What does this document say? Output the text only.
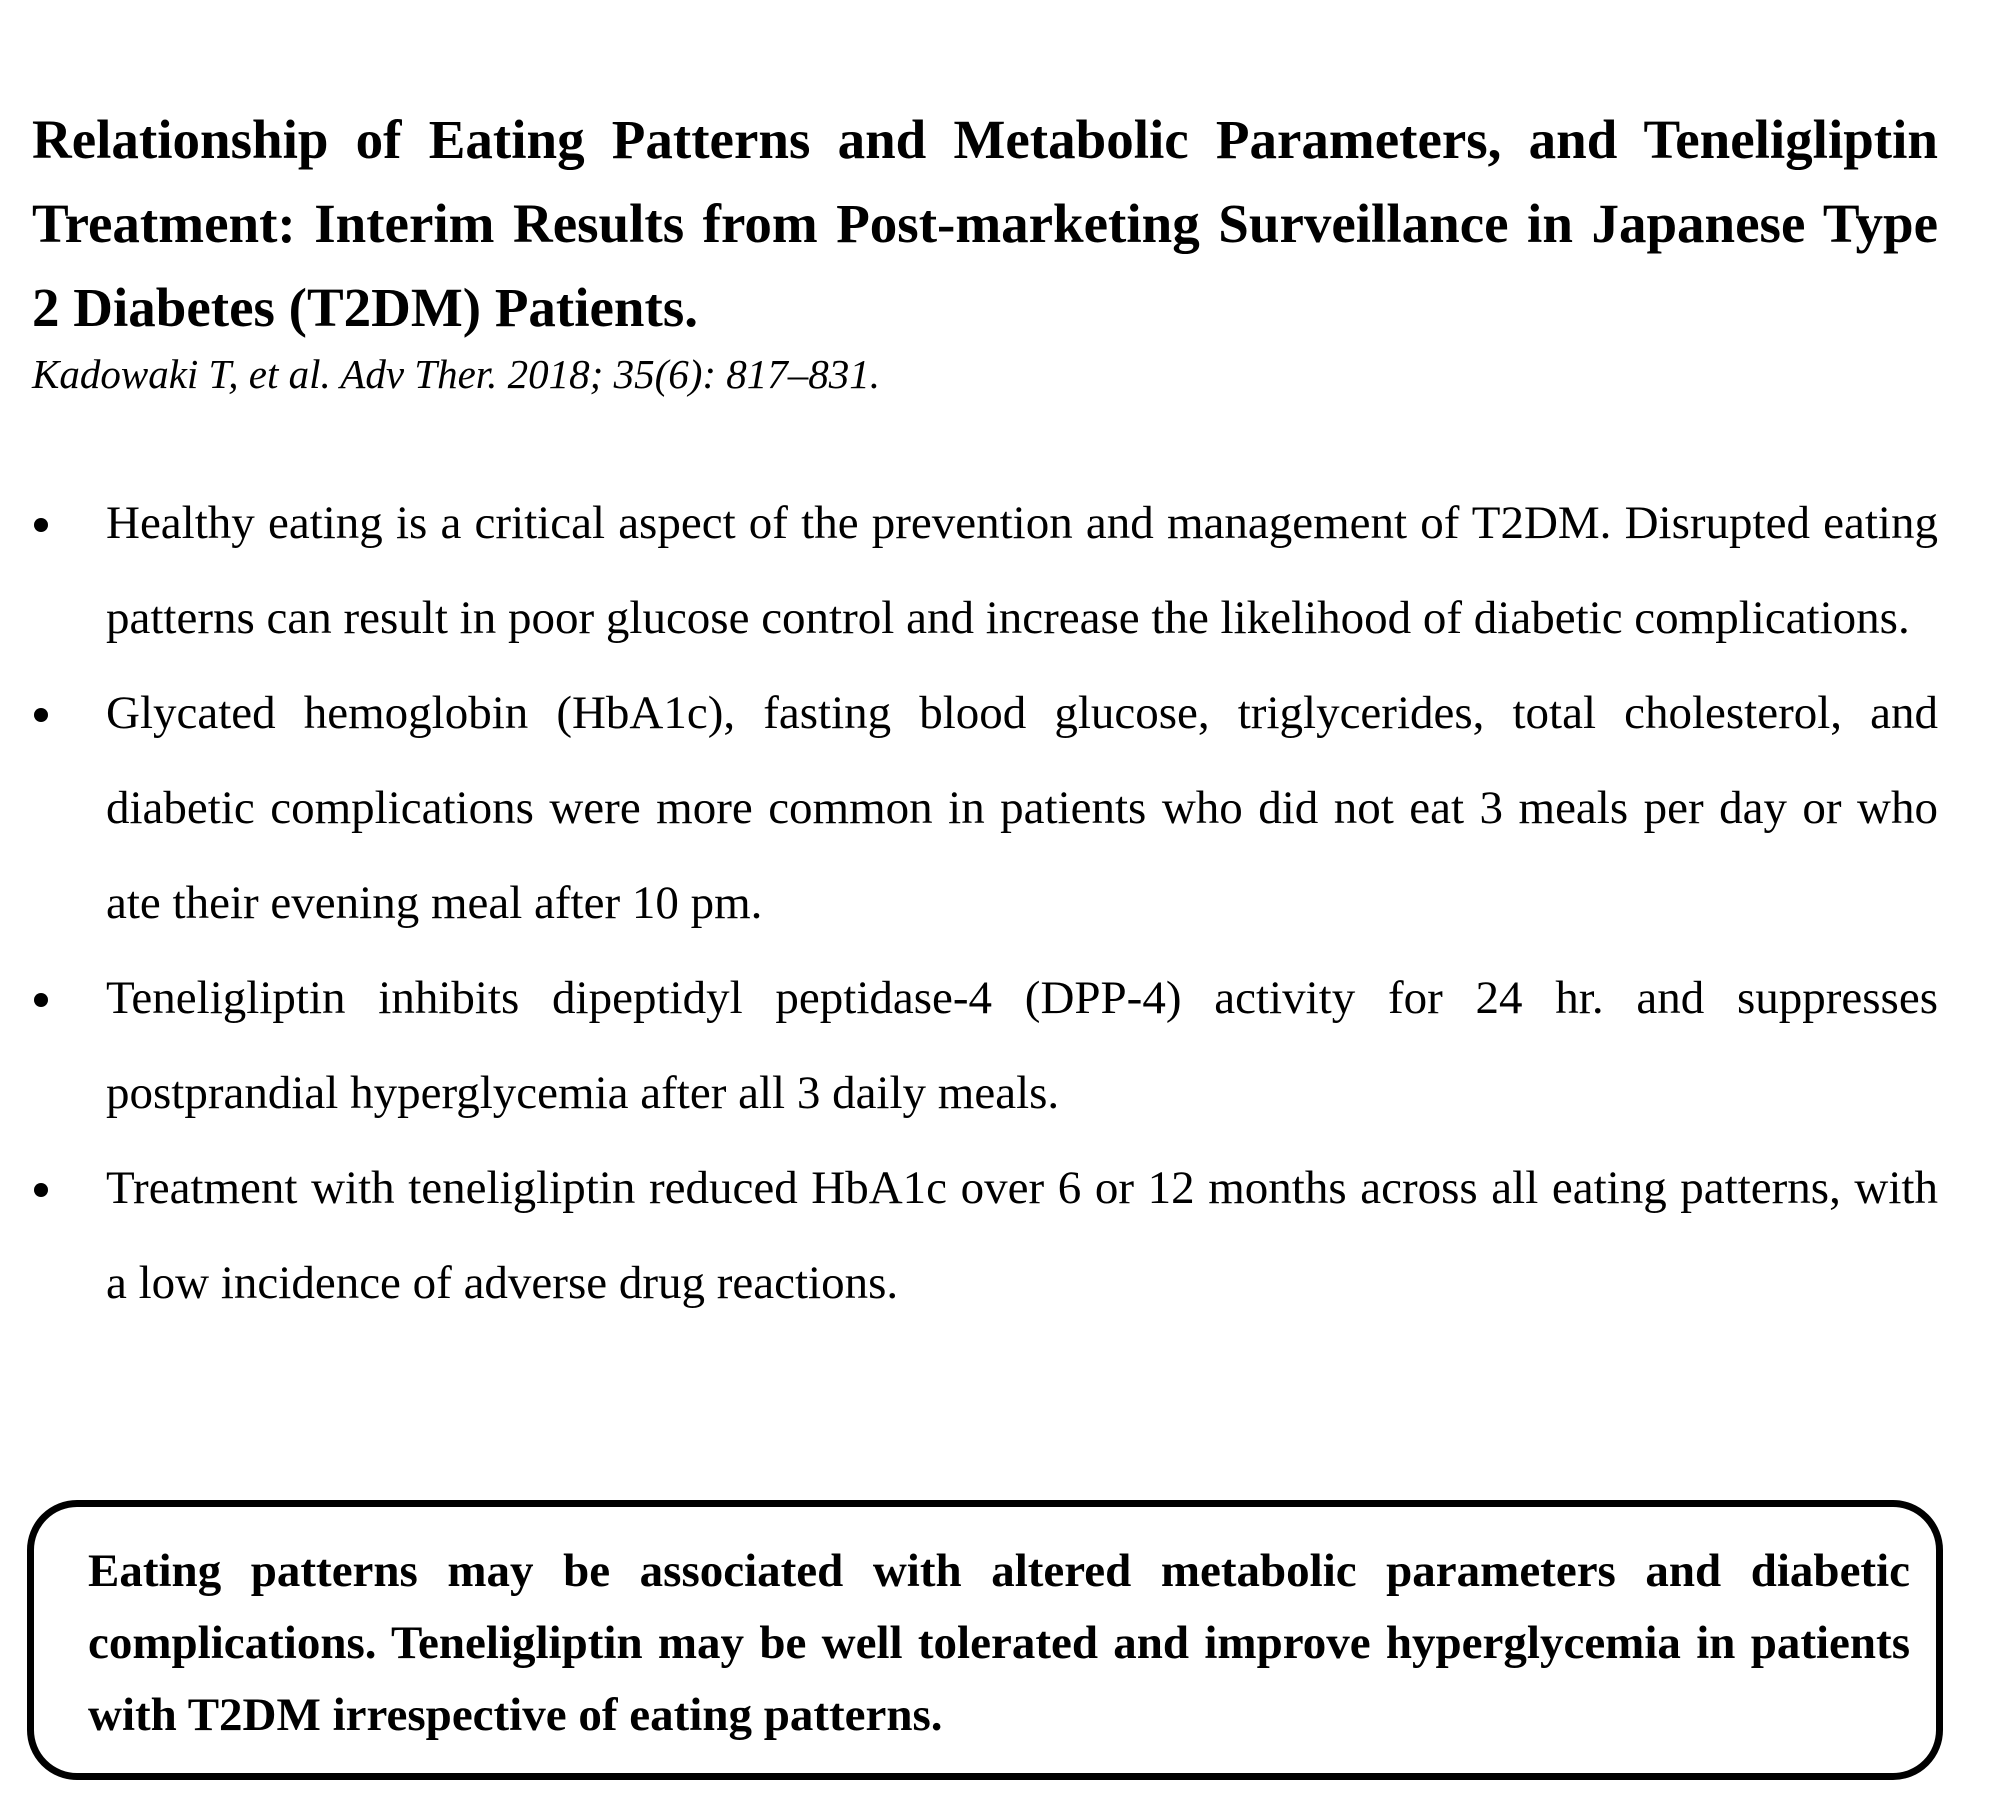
Relationship of Eating Patterns and Metabolic Parameters, and Teneligliptin Treatment: Interim Results from Post-marketing Surveillance in Japanese Type 2 Diabetes (T2DM) Patients.

Kadowaki T, et al. Adv Ther. 2018; 35(6): 817–831.

Healthy eating is a critical aspect of the prevention and management of T2DM. Disrupted eating patterns can result in poor glucose control and increase the likelihood of diabetic complications.
Glycated hemoglobin (HbA1c), fasting blood glucose, triglycerides, total cholesterol, and diabetic complications were more common in patients who did not eat 3 meals per day or who ate their evening meal after 10 pm.
Teneligliptin inhibits dipeptidyl peptidase-4 (DPP-4) activity for 24 hr. and suppresses postprandial hyperglycemia after all 3 daily meals.
Treatment with teneligliptin reduced HbA1c over 6 or 12 months across all eating patterns, with a low incidence of adverse drug reactions.

Eating patterns may be associated with altered metabolic parameters and diabetic complications. Teneligliptin may be well tolerated and improve hyperglycemia in patients with T2DM irrespective of eating patterns.
